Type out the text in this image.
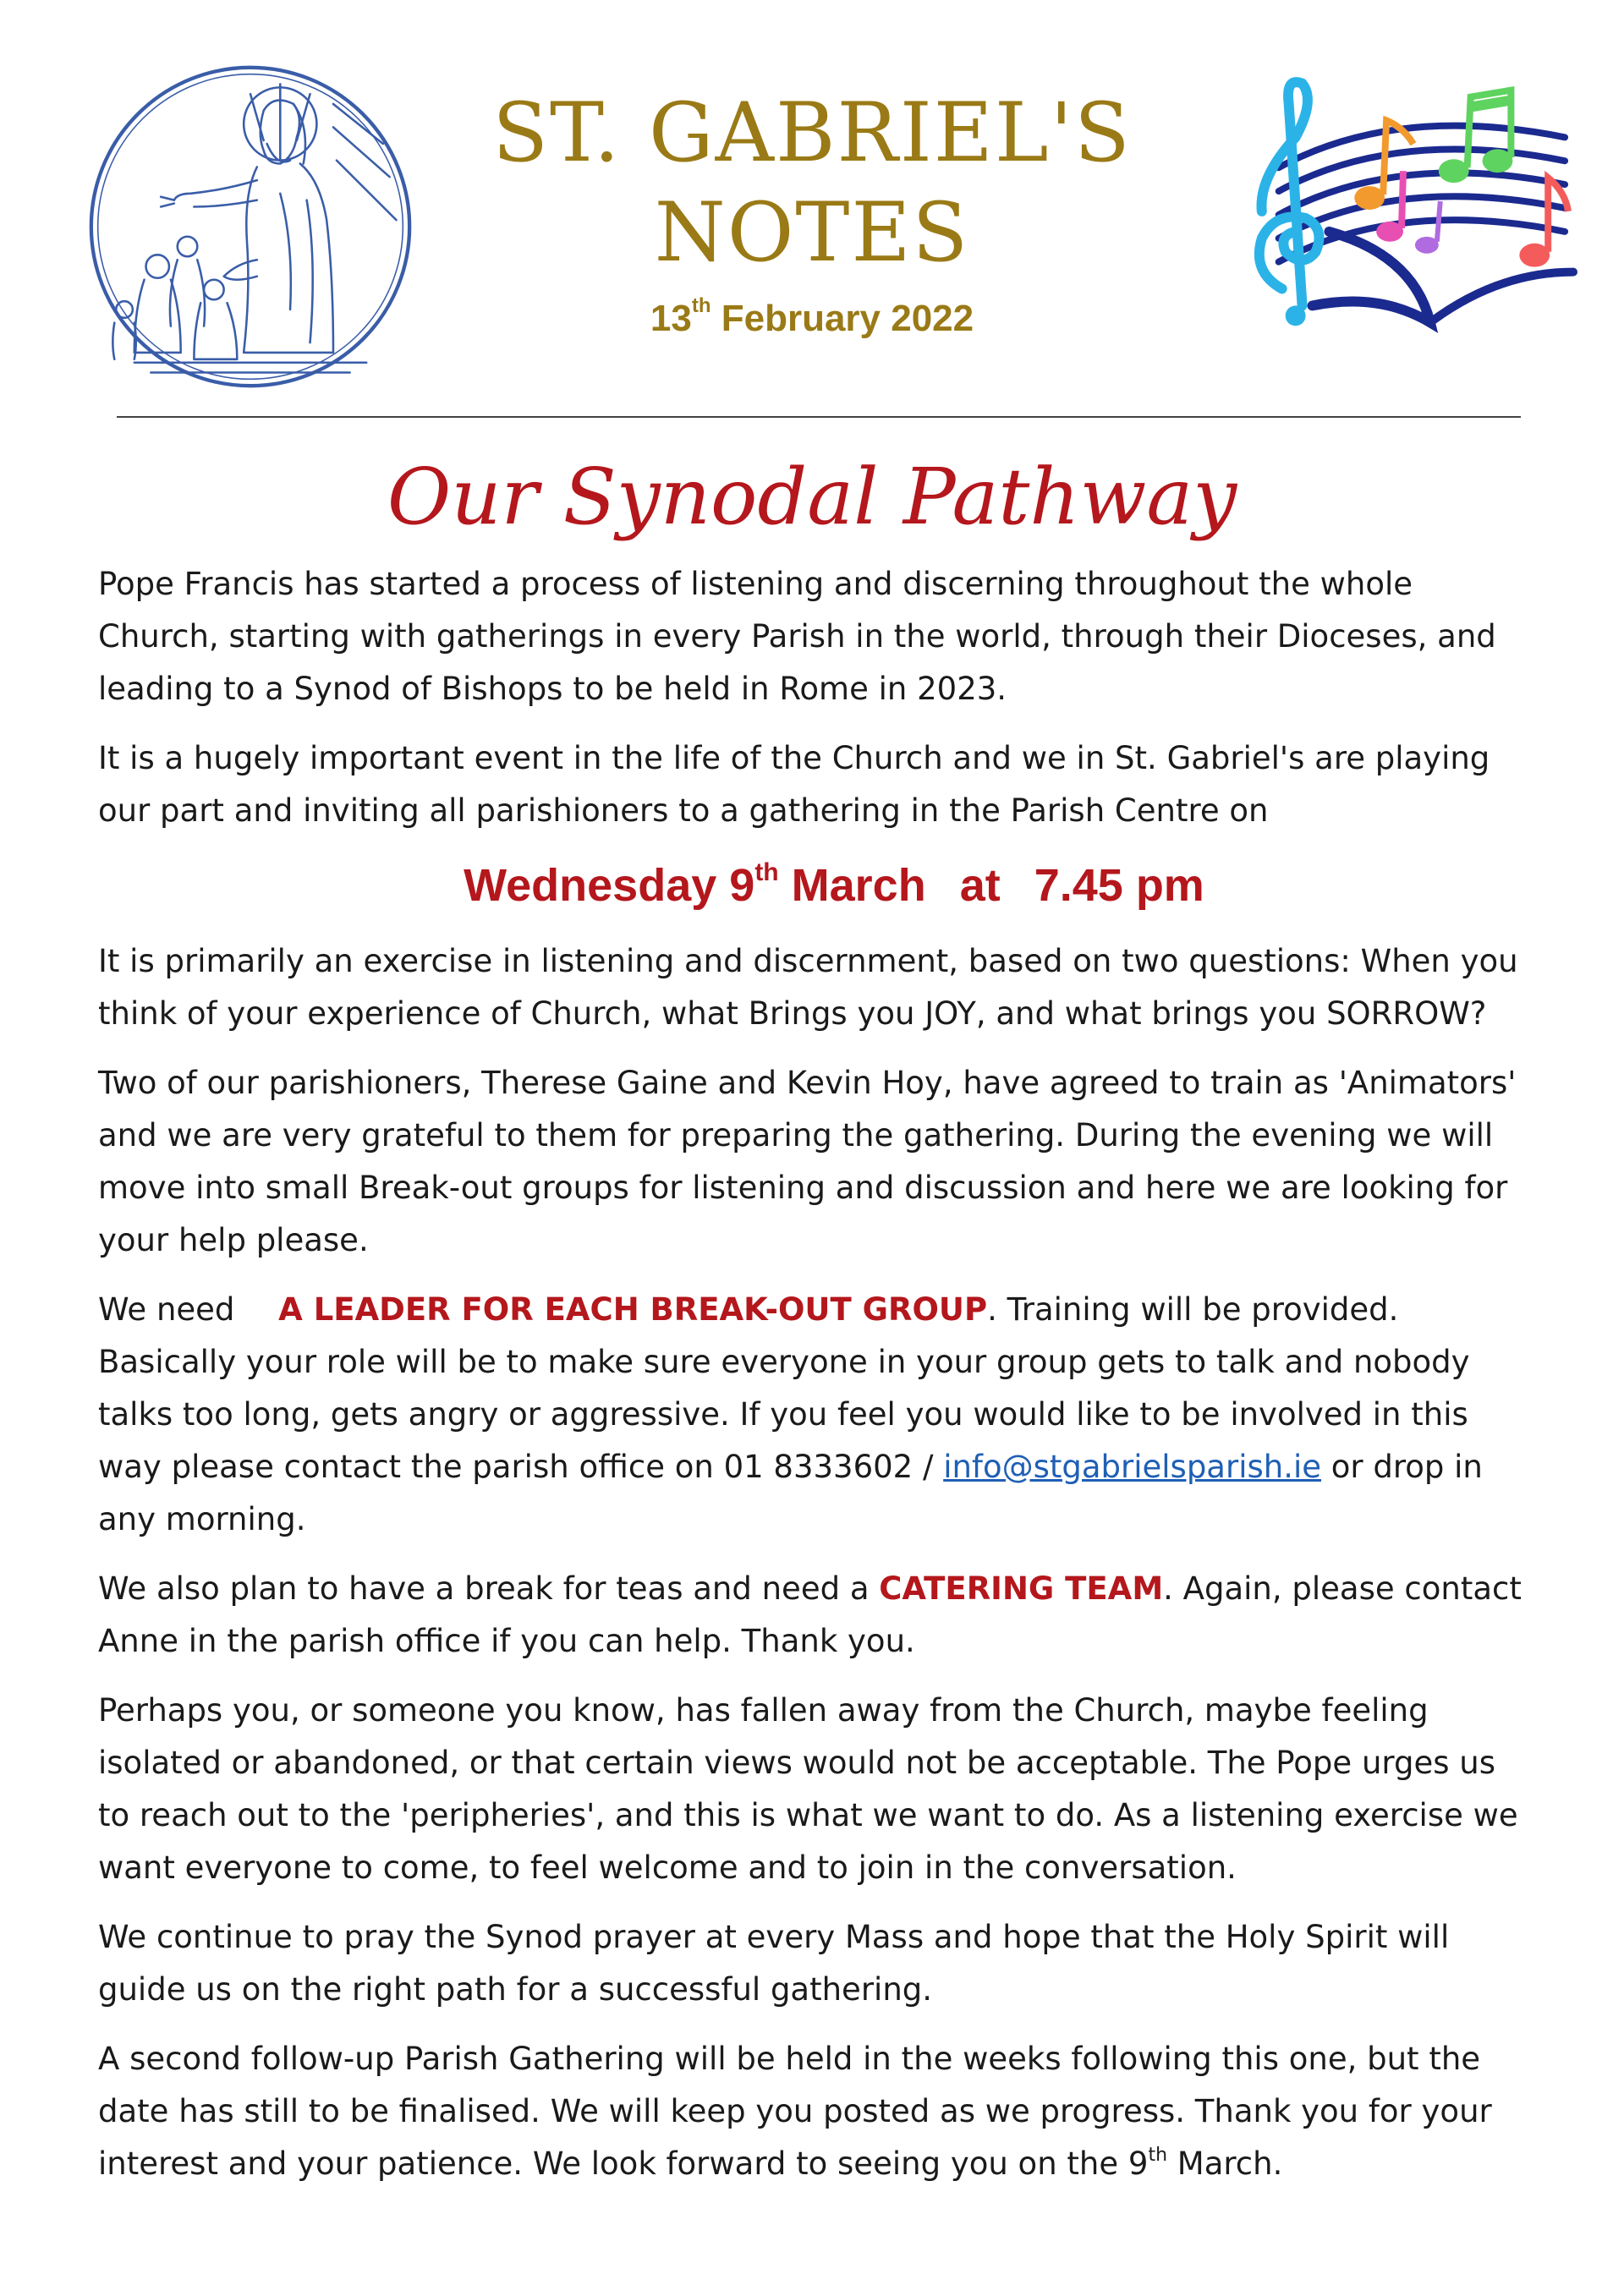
ST. GABRIEL'S
NOTES
13th February 2022
Our Synodal Pathway

Pope Francis has started a process of listening and discerning throughout the whole Church, starting with gatherings in every Parish in the world, through their Dioceses, and leading to a Synod of Bishops to be held in Rome in 2023.

It is a hugely important event in the life of the Church and we in St. Gabriel's are playing our part and inviting all parishioners to a gathering in the Parish Centre on

Wednesday 9th March at 7.45 pm

It is primarily an exercise in listening and discernment, based on two questions: When you think of your experience of Church, what Brings you JOY, and what brings you SORROW?

Two of our parishioners, Therese Gaine and Kevin Hoy, have agreed to train as 'Animators' and we are very grateful to them for preparing the gathering. During the evening we will move into small Break-out groups for listening and discussion and here we are looking for your help please.

We need A LEADER FOR EACH BREAK-OUT GROUP. Training will be provided. Basically your role will be to make sure everyone in your group gets to talk and nobody talks too long, gets angry or aggressive. If you feel you would like to be involved in this way please contact the parish office on 01 8333602 / info@stgabrielsparish.ie or drop in any morning.

We also plan to have a break for teas and need a CATERING TEAM. Again, please contact Anne in the parish office if you can help. Thank you.

Perhaps you, or someone you know, has fallen away from the Church, maybe feeling isolated or abandoned, or that certain views would not be acceptable. The Pope urges us to reach out to the 'peripheries', and this is what we want to do. As a listening exercise we want everyone to come, to feel welcome and to join in the conversation.

We continue to pray the Synod prayer at every Mass and hope that the Holy Spirit will guide us on the right path for a successful gathering.

A second follow-up Parish Gathering will be held in the weeks following this one, but the date has still to be finalised. We will keep you posted as we progress. Thank you for your interest and your patience. We look forward to seeing you on the 9th March.
